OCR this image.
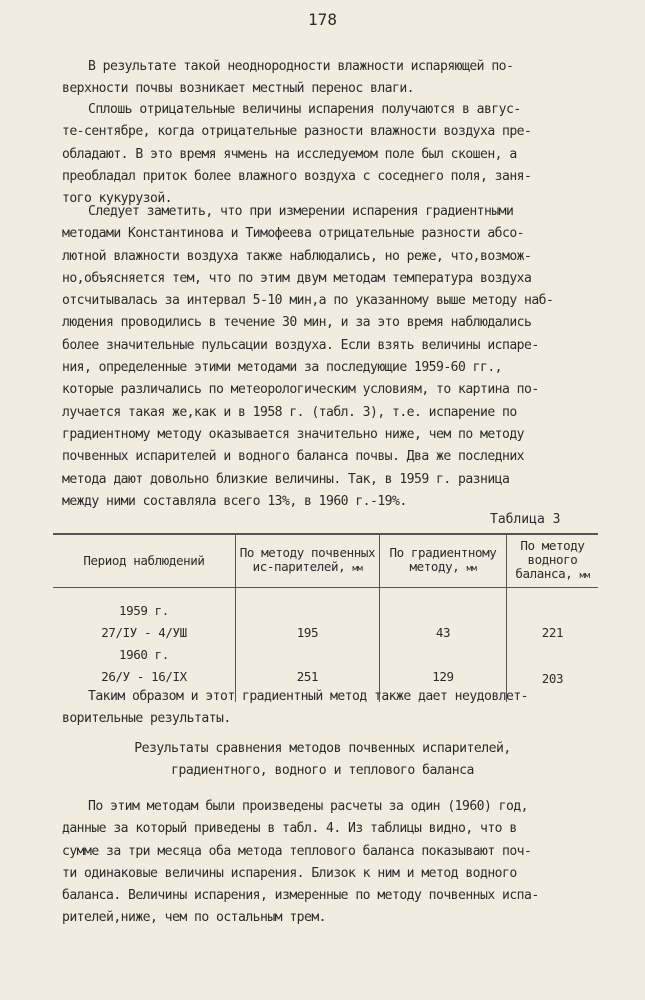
178
В результате такой неоднородности влажности испаряющей по-
верхности почвы возникает местный перенос влаги.
Сплошь отрицательные величины испарения получаются в авгус-
те-сентябре, когда отрицательные разности влажности воздуха пре-
обладают. В это время ячмень на исследуемом поле был скошен, а
преобладал приток более влажного воздуха с соседнего поля, заня-
того кукурузой.
Следует заметить, что при измерении испарения градиентными
методами Константинова и Тимофеева отрицательные разности абсо-
лютной влажности воздуха также наблюдались, но реже, что,возмож-
но,объясняется тем, что по этим двум методам температура воздуха
отсчитывалась за интервал 5-10 мин,а по указанному выше методу наб-
людения проводились в течение 30 мин, и за это время наблюдались
более значительные пульсации воздуха. Если взять величины испаре-
ния, определенные этими методами за последующие 1959-60 гг.,
которые различались по метеорологическим условиям, то картина по-
лучается такая же,как и в 1958 г. (табл. 3), т.е. испарение по
градиентному методу оказывается значительно ниже, чем по методу
почвенных испарителей и водного баланса почвы. Два же последних
метода дают довольно близкие величины. Так, в 1959 г. разница
между ними составляла всего 13%, в 1960 г.-19%.
Таблица 3
Период наблюдений	По методу почвенных ис-парителей, мм	По градиентному методу, мм	По методу водного баланса, мм

1959 г.
27/IУ - 4/УШ	195	43	221

1960 г.
26/У - 16/IX	251	129	203
Таким образом и этот градиентный метод также дает неудовлет-
ворительные результаты.
Результаты сравнения методов почвенных испарителей,
градиентного, водного и теплового баланса
По этим методам были произведены расчеты за один (1960) год,
данные за который приведены в табл. 4. Из таблицы видно, что в
сумме за три месяца оба метода теплового баланса показывают поч-
ти одинаковые величины испарения. Близок к ним и метод водного
баланса. Величины испарения, измеренные по методу почвенных испа-
рителей,ниже, чем по остальным трем.
